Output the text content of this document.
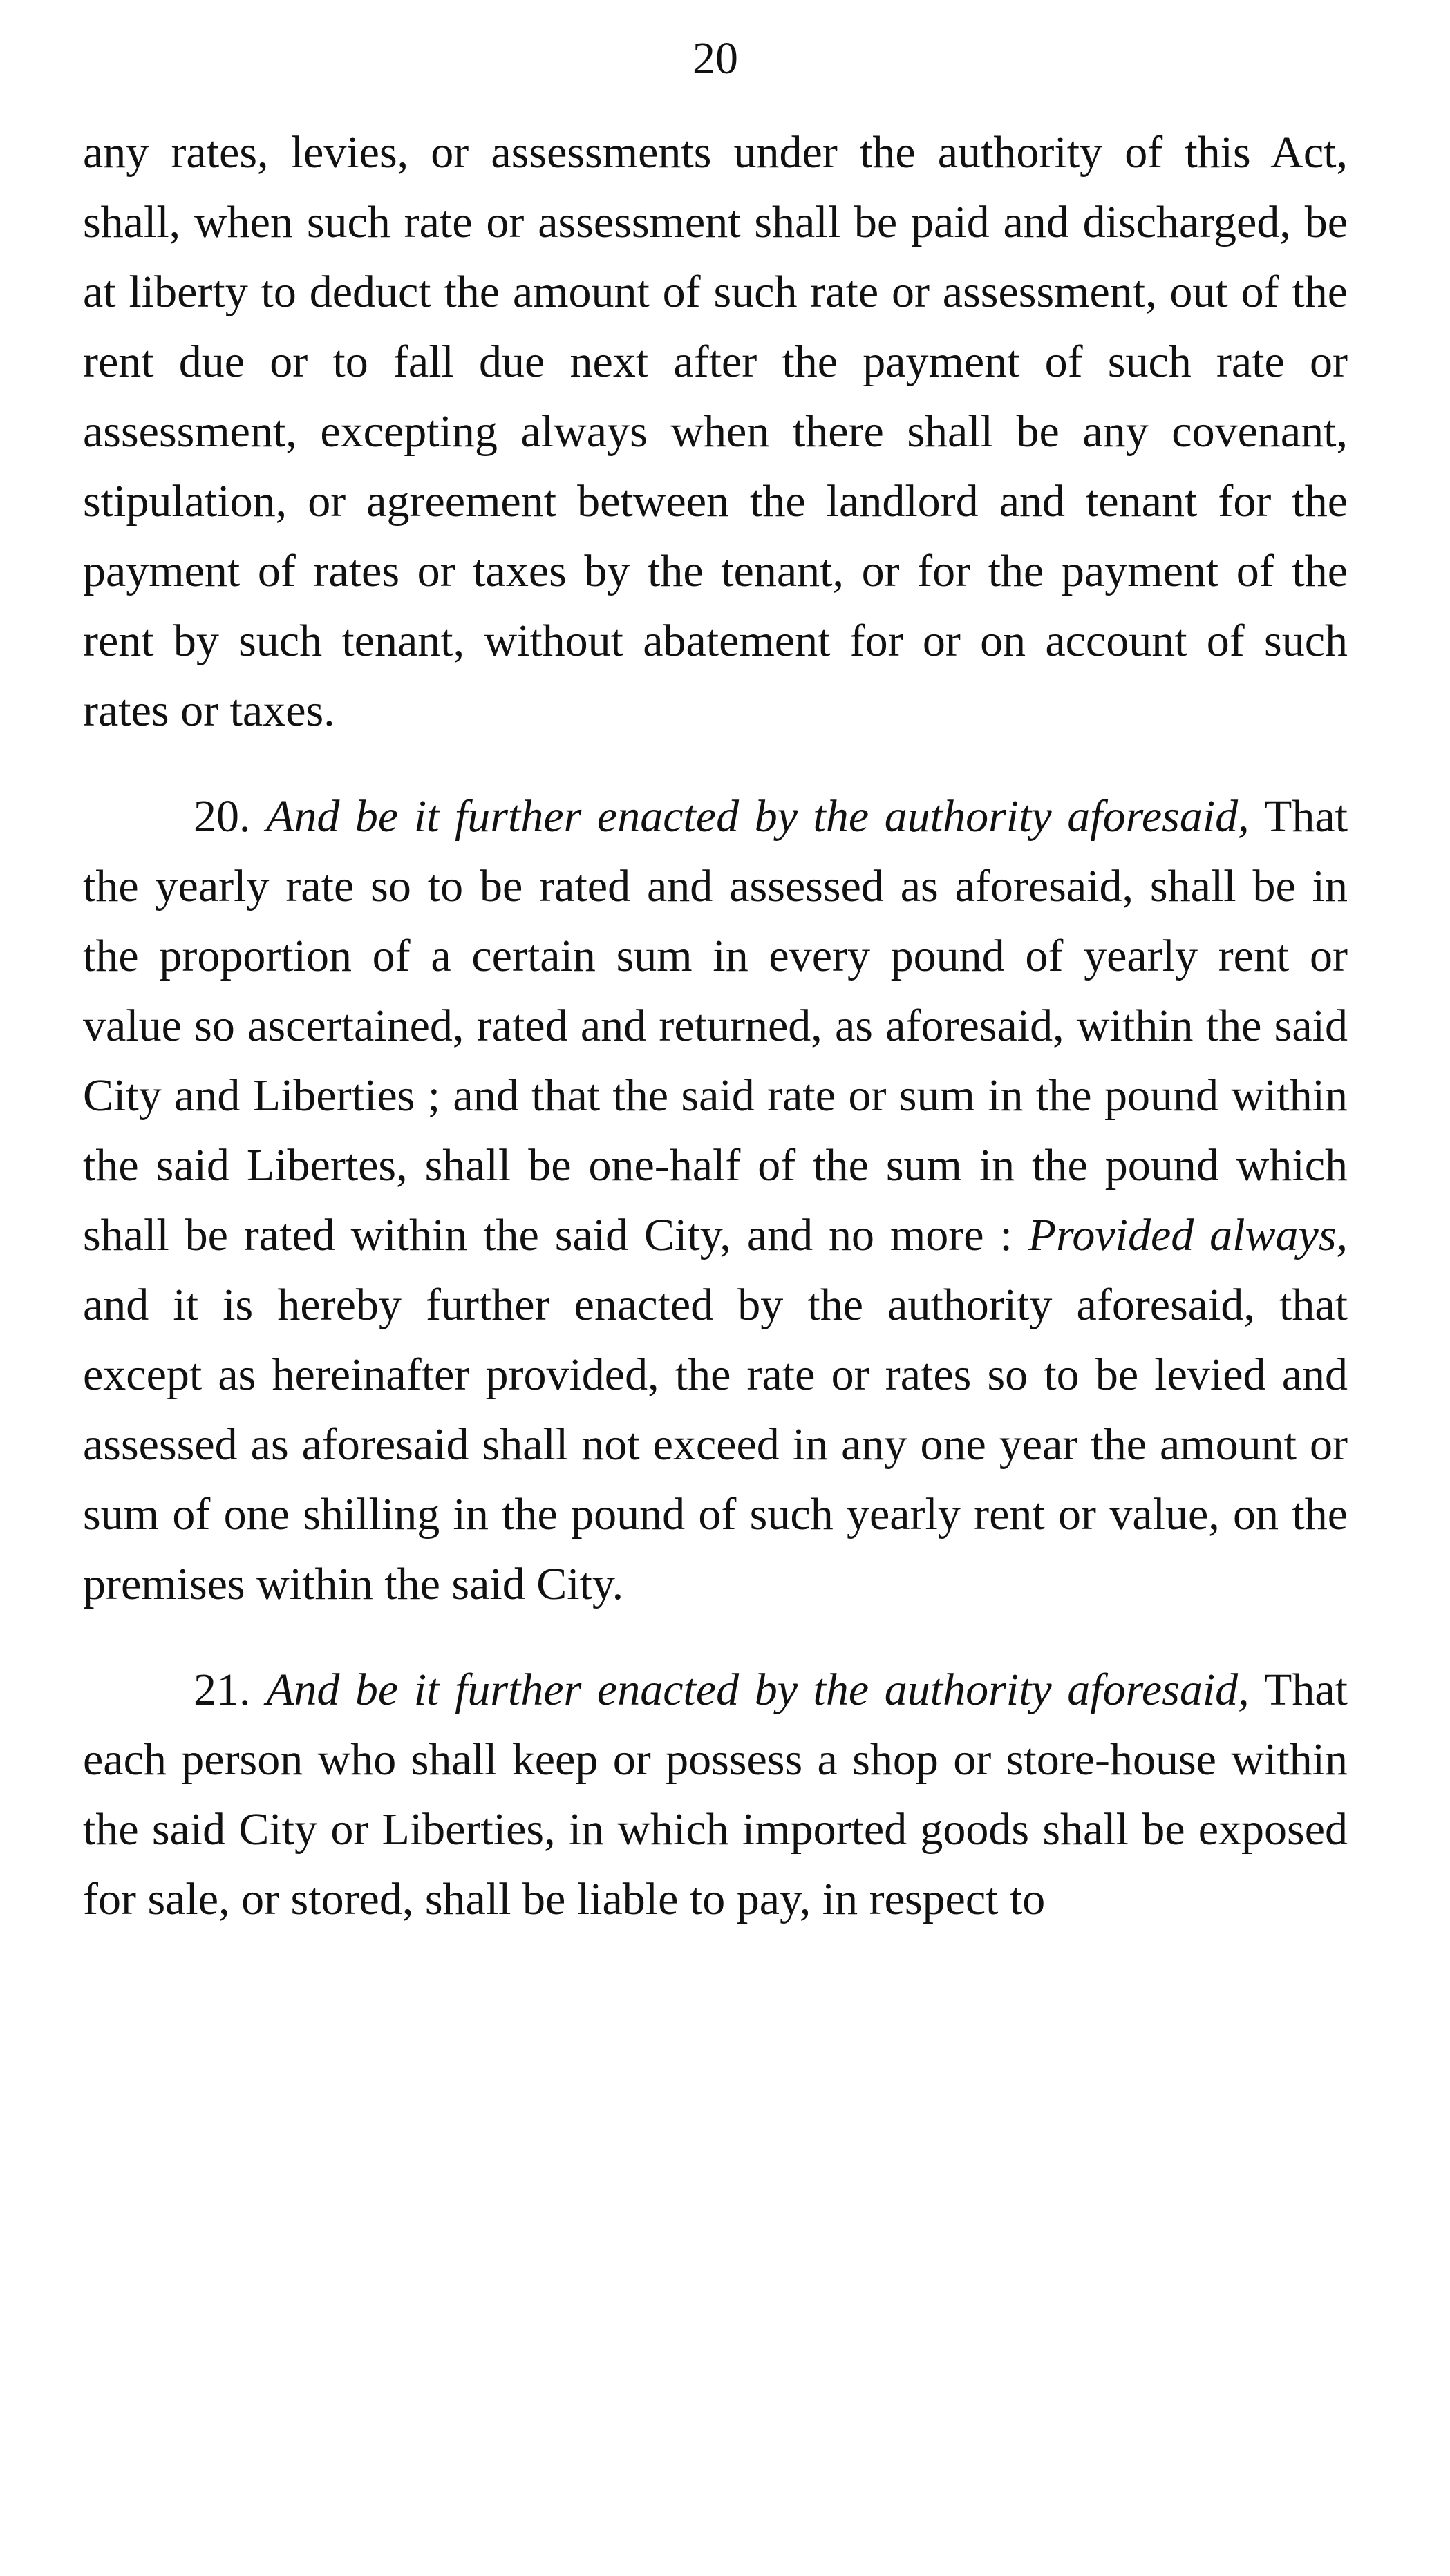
20

any rates, levies, or assessments under the authority of this Act, shall, when such rate or assessment shall be paid and discharged, be at liberty to deduct the amount of such rate or assessment, out of the rent due or to fall due next after the payment of such rate or assessment, excepting always when there shall be any covenant, stipulation, or agreement between the landlord and tenant for the payment of rates or taxes by the tenant, or for the payment of the rent by such tenant, without abatement for or on account of such rates or taxes.

20. And be it further enacted by the authority aforesaid, That the yearly rate so to be rated and assessed as aforesaid, shall be in the proportion of a certain sum in every pound of yearly rent or value so ascertained, rated and returned, as aforesaid, within the said City and Liberties ; and that the said rate or sum in the pound within the said Libertes, shall be one-half of the sum in the pound which shall be rated within the said City, and no more : Provided always, and it is hereby further enacted by the authority aforesaid, that except as hereinafter provided, the rate or rates so to be levied and assessed as aforesaid shall not exceed in any one year the amount or sum of one shilling in the pound of such yearly rent or value, on the premises within the said City.

21. And be it further enacted by the authority aforesaid, That each person who shall keep or possess a shop or store-house within the said City or Liberties, in which imported goods shall be exposed for sale, or stored, shall be liable to pay, in respect to
